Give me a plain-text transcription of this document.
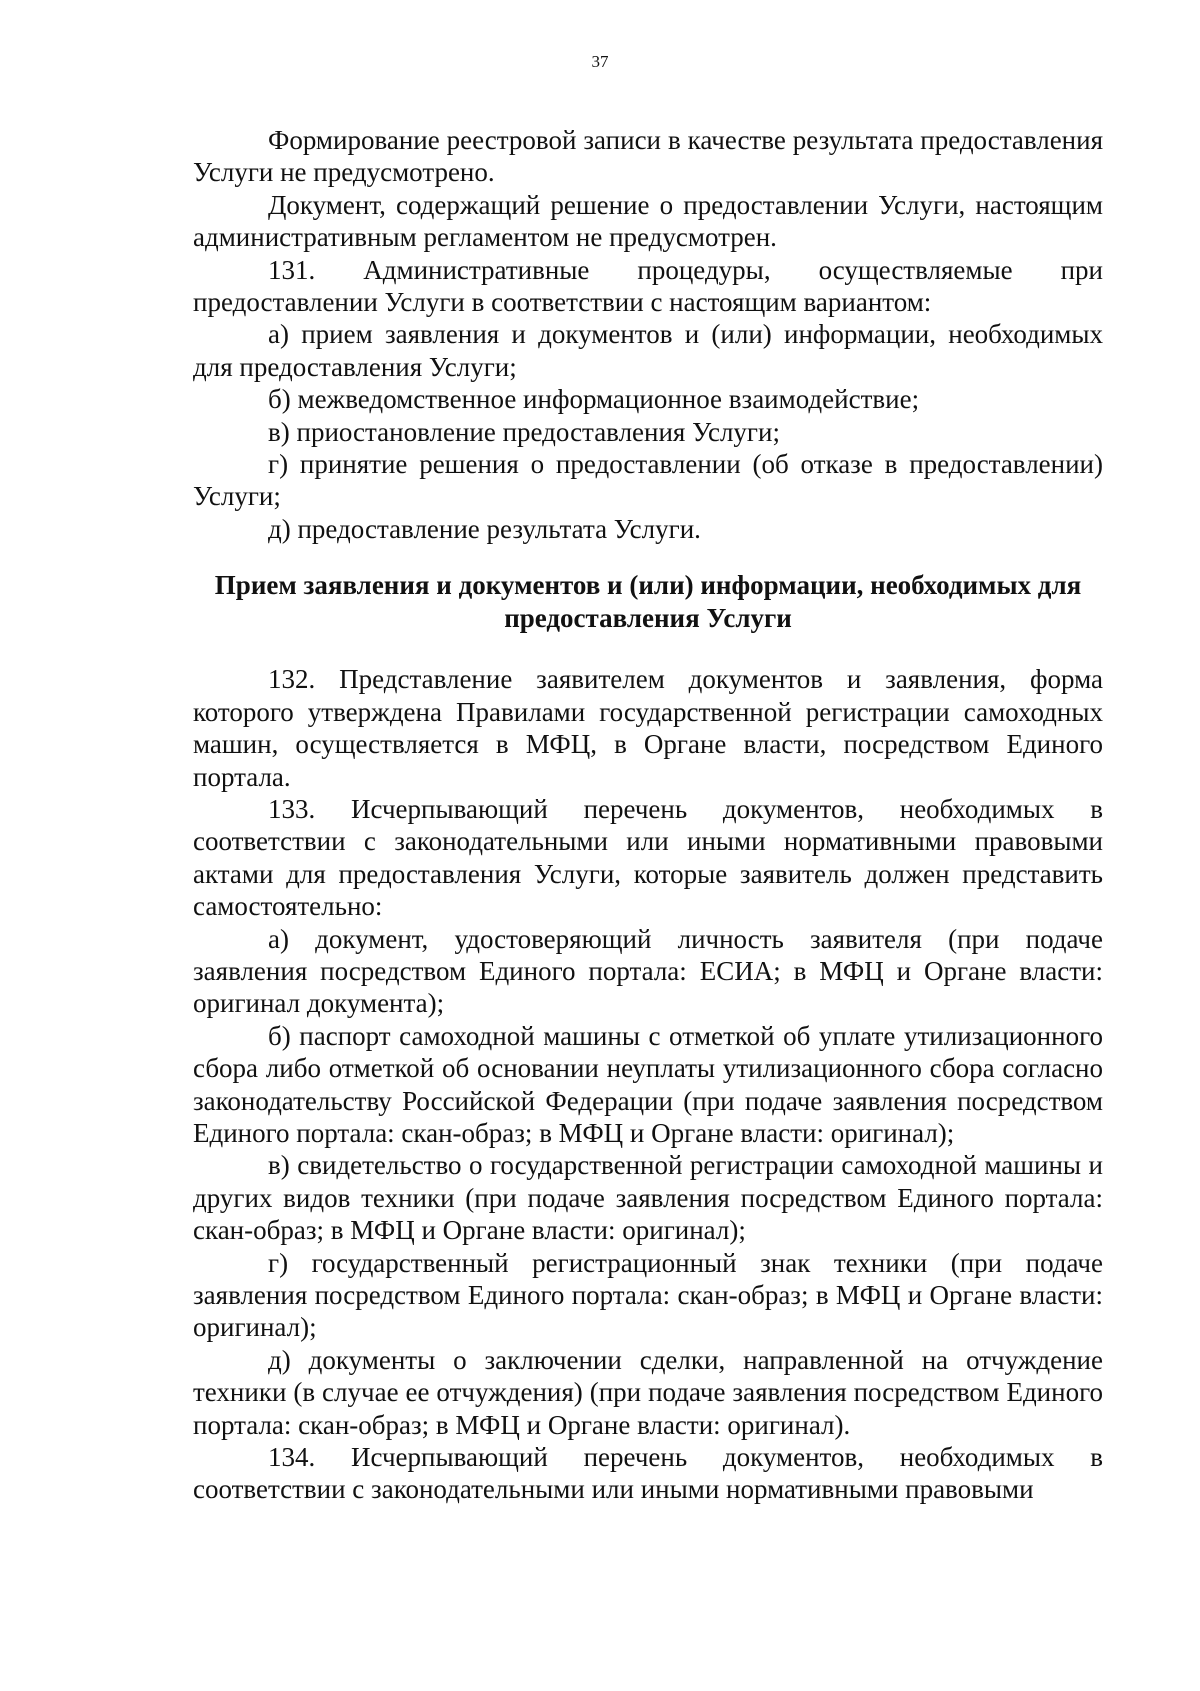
37

Формирование реестровой записи в качестве результата предоставления Услуги не предусмотрено.

Документ, содержащий решение о предоставлении Услуги, настоящим административным регламентом не предусмотрен.

131. Административные процедуры, осуществляемые при предоставлении Услуги в соответствии с настоящим вариантом:

а) прием заявления и документов и (или) информации, необходимых для предоставления Услуги;

б) межведомственное информационное взаимодействие;

в) приостановление предоставления Услуги;

г) принятие решения о предоставлении (об отказе в предоставлении) Услуги;

д) предоставление результата Услуги.

Прием заявления и документов и (или) информации, необходимых для предоставления Услуги

132. Представление заявителем документов и заявления, форма которого утверждена Правилами государственной регистрации самоходных машин, осуществляется в МФЦ, в Органе власти, посредством Единого портала.

133. Исчерпывающий перечень документов, необходимых в соответствии с законодательными или иными нормативными правовыми актами для предоставления Услуги, которые заявитель должен представить самостоятельно:

а) документ, удостоверяющий личность заявителя (при подаче заявления посредством Единого портала: ЕСИА; в МФЦ и Органе власти: оригинал документа);

б) паспорт самоходной машины с отметкой об уплате утилизационного сбора либо отметкой об основании неуплаты утилизационного сбора согласно законодательству Российской Федерации (при подаче заявления посредством Единого портала: скан-образ; в МФЦ и Органе власти: оригинал);

в) свидетельство о государственной регистрации самоходной машины и других видов техники (при подаче заявления посредством Единого портала: скан-образ; в МФЦ и Органе власти: оригинал);

г) государственный регистрационный знак техники (при подаче заявления посредством Единого портала: скан-образ; в МФЦ и Органе власти: оригинал);

д) документы о заключении сделки, направленной на отчуждение техники (в случае ее отчуждения) (при подаче заявления посредством Единого портала: скан-образ; в МФЦ и Органе власти: оригинал).

134. Исчерпывающий перечень документов, необходимых в соответствии с законодательными или иными нормативными правовыми
